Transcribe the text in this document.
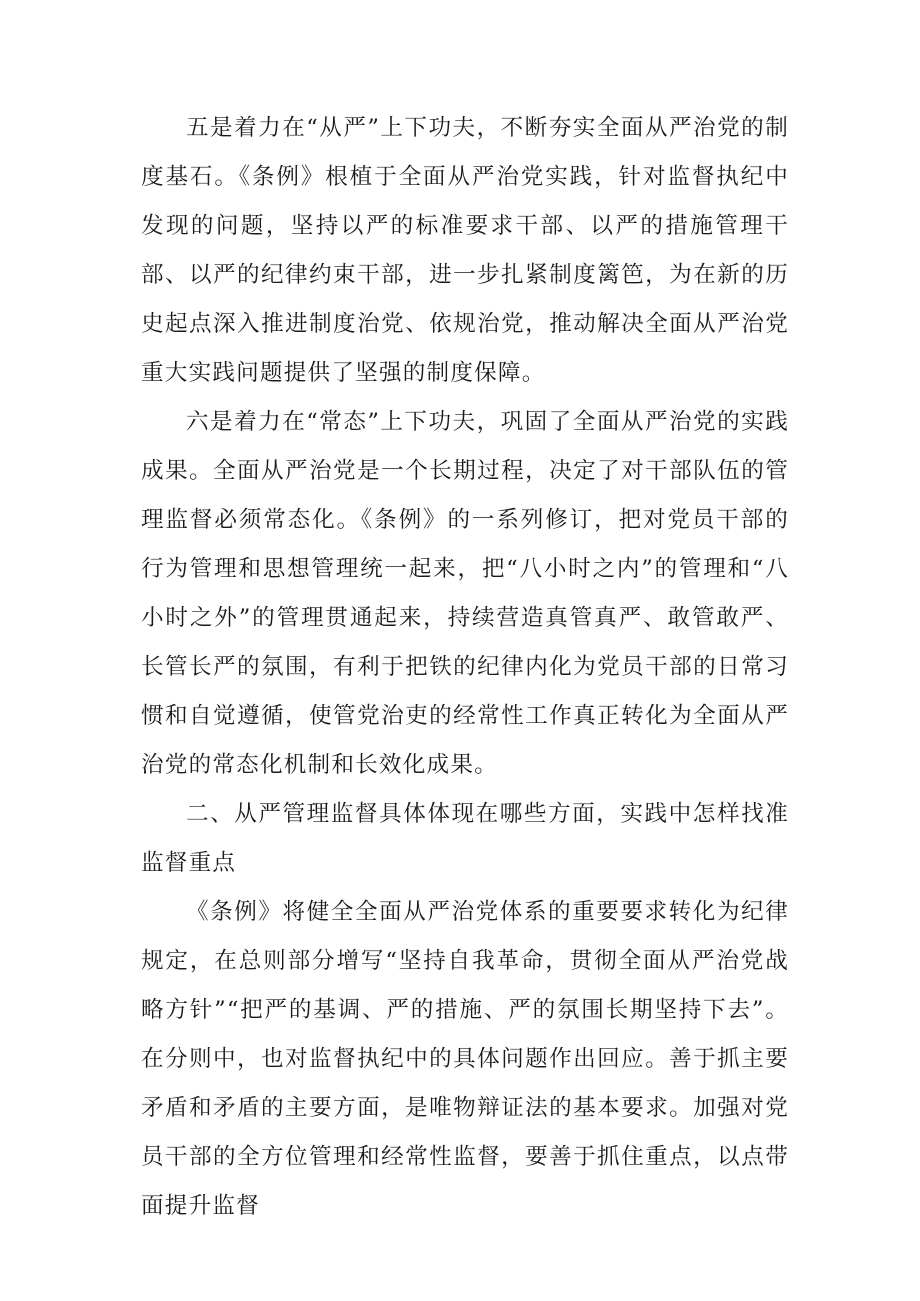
五是着力在“从严”上下功夫，不断夯实全面从严治党的制度基石。《条例》根植于全面从严治党实践，针对监督执纪中发现的问题，坚持以严的标准要求干部、以严的措施管理干部、以严的纪律约束干部，进一步扎紧制度篱笆，为在新的历史起点深入推进制度治党、依规治党，推动解决全面从严治党重大实践问题提供了坚强的制度保障。

六是着力在“常态”上下功夫，巩固了全面从严治党的实践成果。全面从严治党是一个长期过程，决定了对干部队伍的管理监督必须常态化。《条例》的一系列修订，把对党员干部的行为管理和思想管理统一起来，把“八小时之内”的管理和“八小时之外”的管理贯通起来，持续营造真管真严、敢管敢严、长管长严的氛围，有利于把铁的纪律内化为党员干部的日常习惯和自觉遵循，使管党治吏的经常性工作真正转化为全面从严治党的常态化机制和长效化成果。

二、从严管理监督具体体现在哪些方面，实践中怎样找准监督重点

《条例》将健全全面从严治党体系的重要要求转化为纪律规定，在总则部分增写“坚持自我革命，贯彻全面从严治党战略方针”“把严的基调、严的措施、严的氛围长期坚持下去”。在分则中，也对监督执纪中的具体问题作出回应。善于抓主要矛盾和矛盾的主要方面，是唯物辩证法的基本要求。加强对党员干部的全方位管理和经常性监督，要善于抓住重点，以点带面提升监督
